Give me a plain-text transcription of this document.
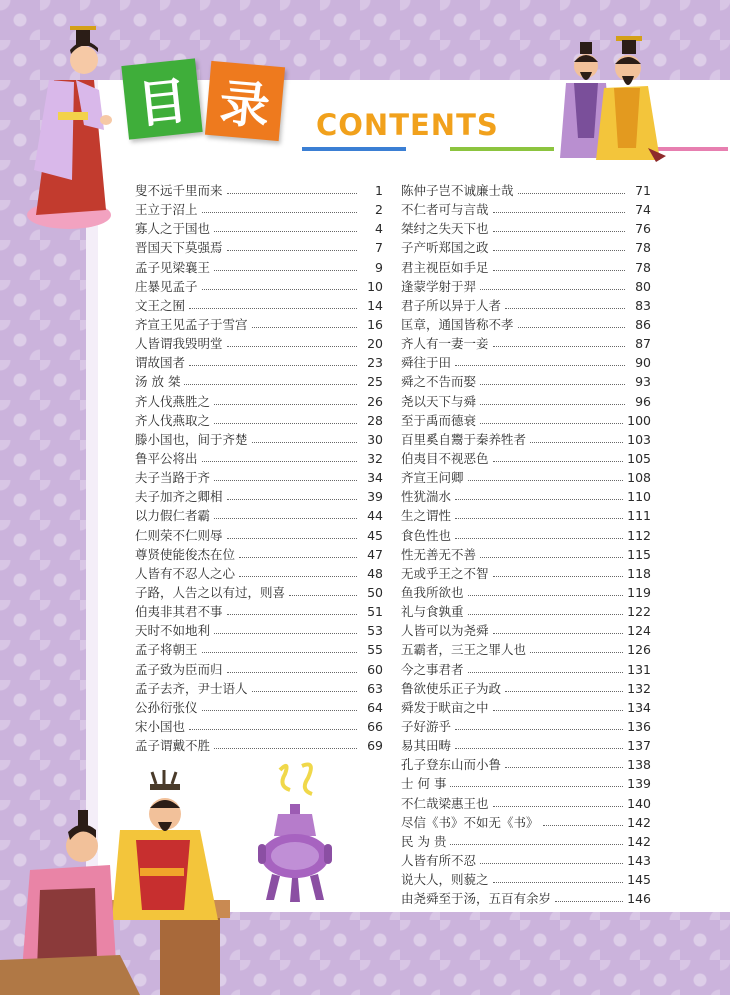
目 录 CONTENTS
叟不远千里而来	1
王立于沼上	2
寡人之于国也	4
晋国天下莫强焉	7
孟子见梁襄王	9
庄暴见孟子	10
文王之囿	14
齐宣王见孟子于雪宫	16
人皆谓我毁明堂	20
谓故国者	23
汤 放 桀	25
齐人伐燕胜之	26
齐人伐燕取之	28
滕小国也，间于齐楚	30
鲁平公将出	32
夫子当路于齐	34
夫子加齐之卿相	39
以力假仁者霸	44
仁则荣不仁则辱	45
尊贤使能俊杰在位	47
人皆有不忍人之心	48
子路，人告之以有过，则喜	50
伯夷非其君不事	51
天时不如地利	53
孟子将朝王	55
孟子致为臣而归	60
孟子去齐，尹士语人	63
公孙衍张仪	64
宋小国也	66
孟子谓戴不胜	69
陈仲子岂不诚廉士哉	71
不仁者可与言哉	74
桀纣之失天下也	76
子产听郑国之政	78
君主视臣如手足	78
逢蒙学射于羿	80
君子所以异于人者	83
匡章，通国皆称不孝	86
齐人有一妻一妾	87
舜往于田	90
舜之不告而娶	93
尧以天下与舜	96
至于禹而德衰	100
百里奚自鬻于秦养牲者	103
伯夷目不视恶色	105
齐宣王问卿	108
性犹湍水	110
生之谓性	111
食色性也	112
性无善无不善	115
无或乎王之不智	118
鱼我所欲也	119
礼与食孰重	122
人皆可以为尧舜	124
五霸者，三王之罪人也	126
今之事君者	131
鲁欲使乐正子为政	132
舜发于畎亩之中	134
子好游乎	136
易其田畴	137
孔子登东山而小鲁	138
士 何 事	139
不仁哉梁惠王也	140
尽信《书》不如无《书》	142
民 为 贵	142
人皆有所不忍	143
说大人，则藐之	145
由尧舜至于汤，五百有余岁	146
